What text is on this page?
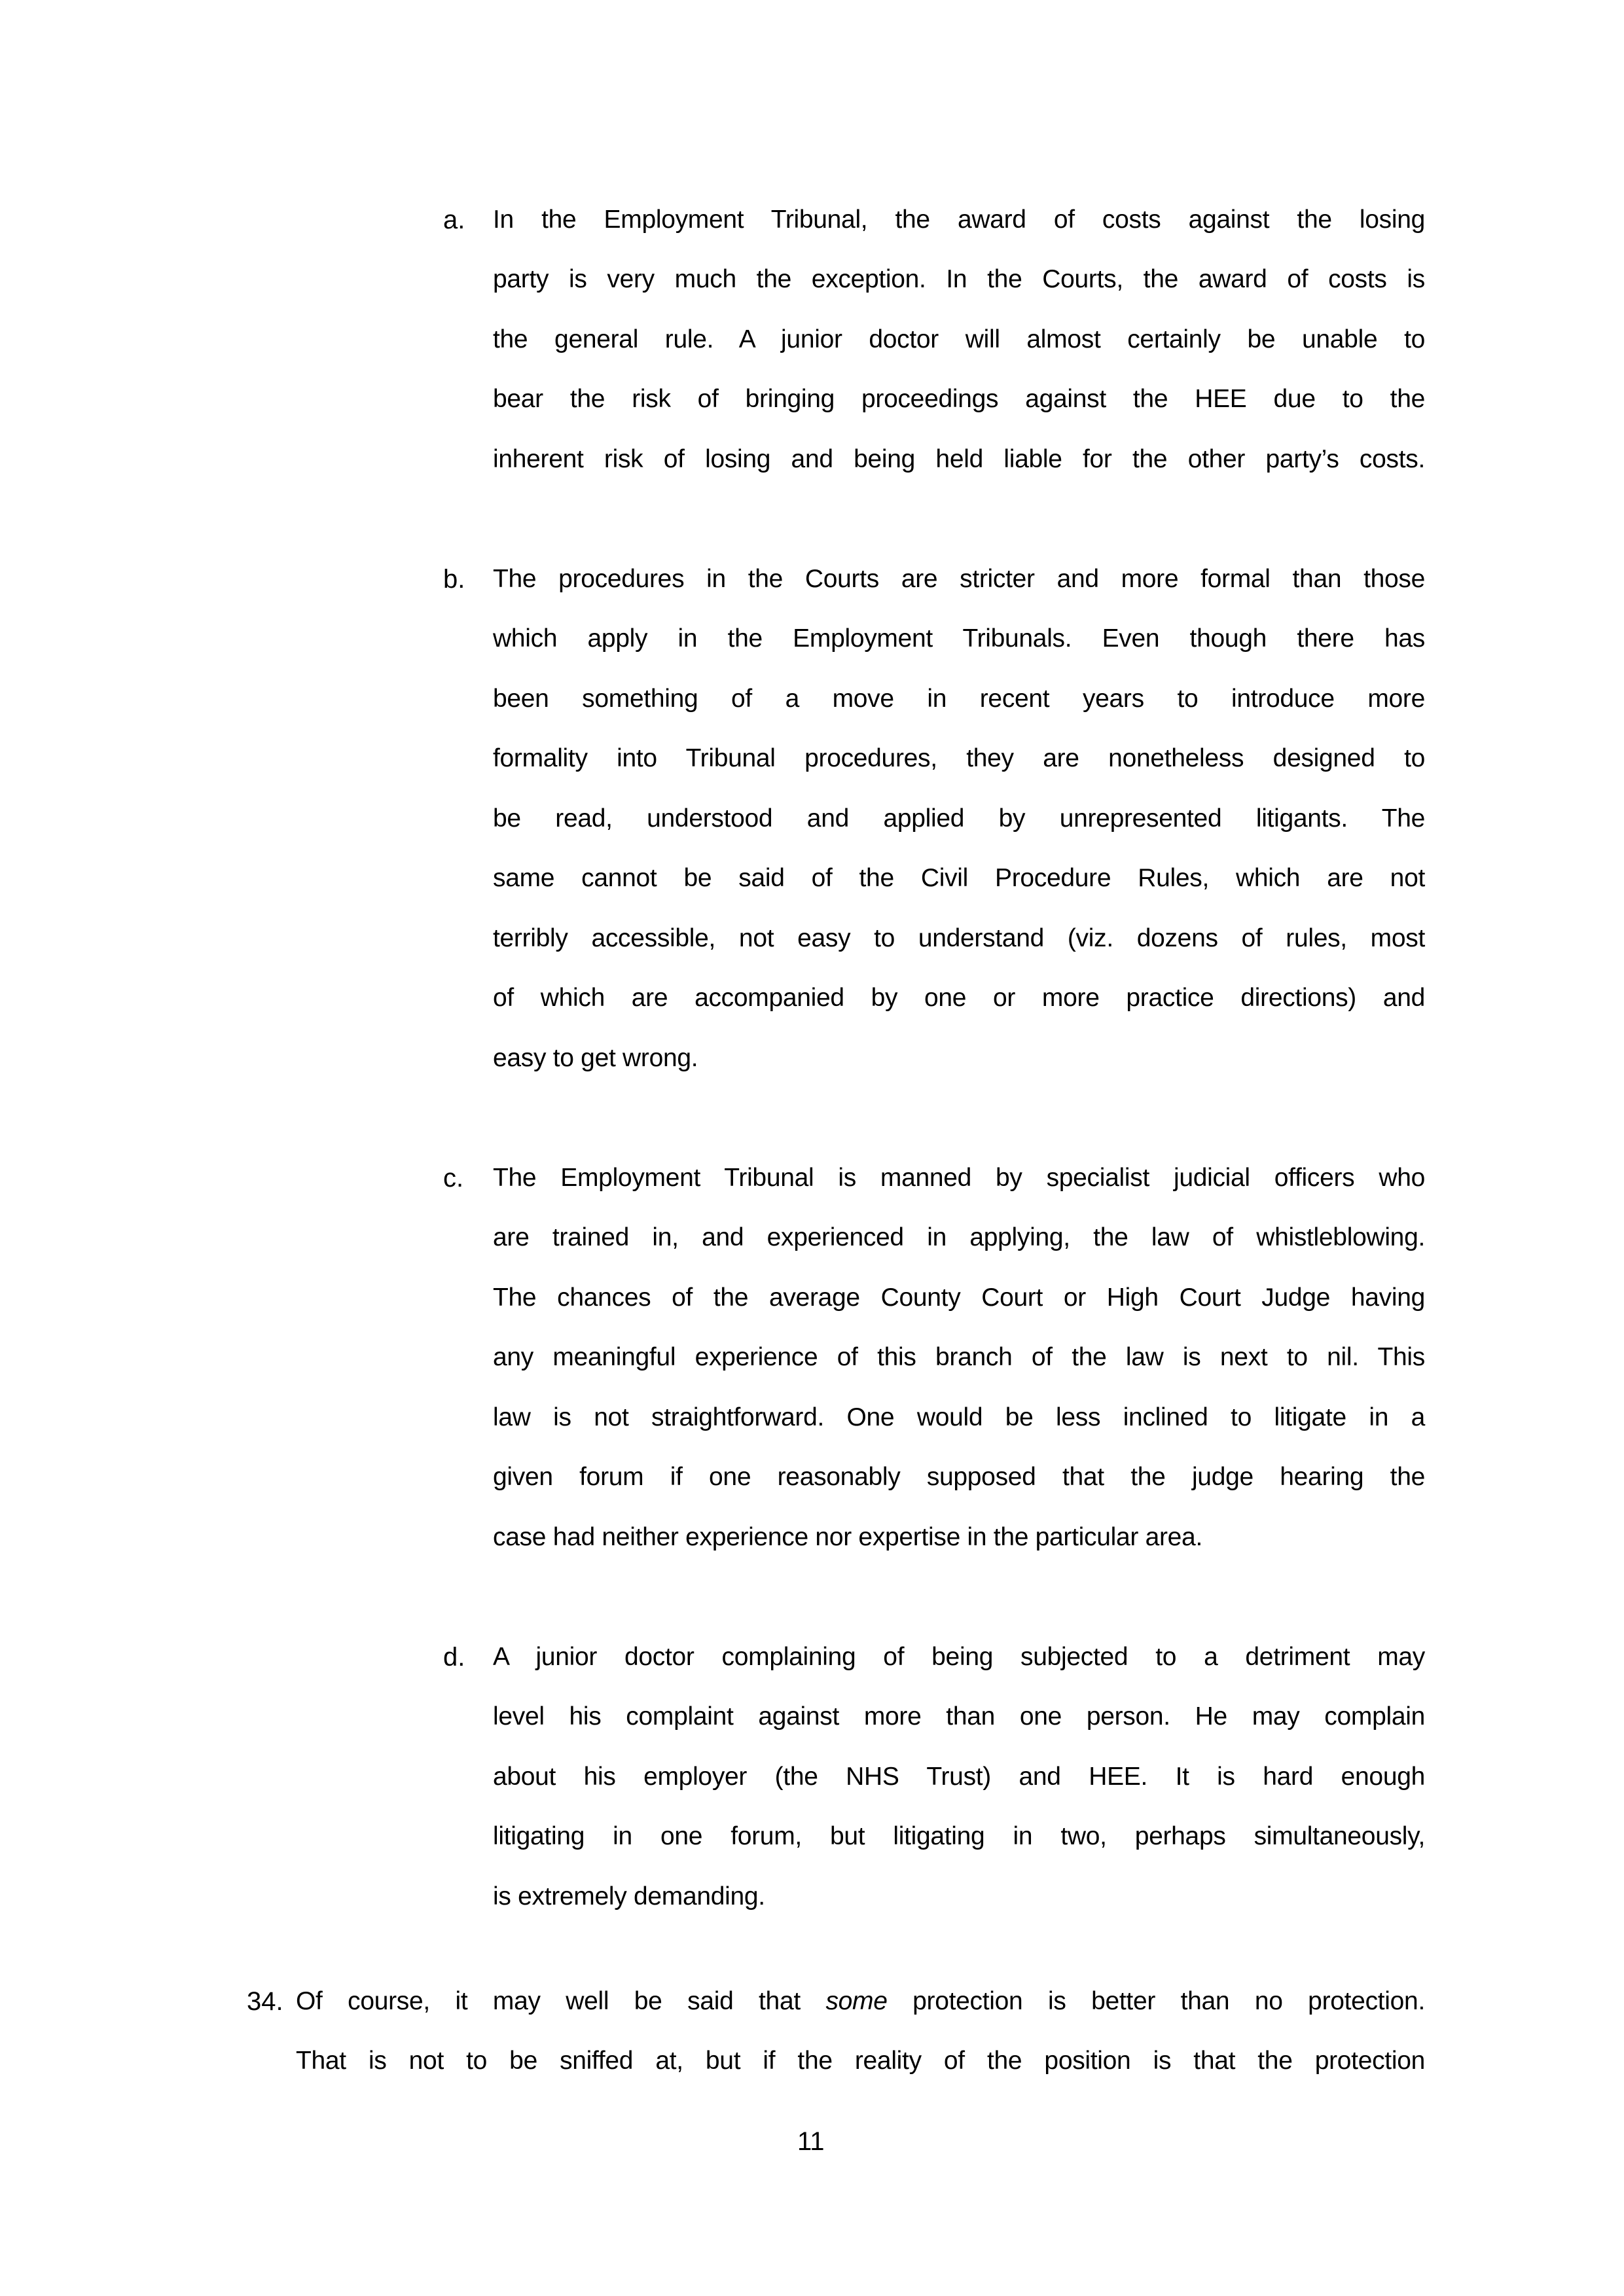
a. In the Employment Tribunal, the award of costs against the losing
party is very much the exception. In the Courts, the award of costs is
the general rule. A junior doctor will almost certainly be unable to
bear the risk of bringing proceedings against the HEE due to the
inherent risk of losing and being held liable for the other party’s costs.
b. The procedures in the Courts are stricter and more formal than those
which apply in the Employment Tribunals. Even though there has
been something of a move in recent years to introduce more
formality into Tribunal procedures, they are nonetheless designed to
be read, understood and applied by unrepresented litigants. The
same cannot be said of the Civil Procedure Rules, which are not
terribly accessible, not easy to understand (viz. dozens of rules, most
of which are accompanied by one or more practice directions) and
easy to get wrong.
c. The Employment Tribunal is manned by specialist judicial officers who
are trained in, and experienced in applying, the law of whistleblowing.
The chances of the average County Court or High Court Judge having
any meaningful experience of this branch of the law is next to nil. This
law is not straightforward. One would be less inclined to litigate in a
given forum if one reasonably supposed that the judge hearing the
case had neither experience nor expertise in the particular area.
d. A junior doctor complaining of being subjected to a detriment may
level his complaint against more than one person. He may complain
about his employer (the NHS Trust) and HEE. It is hard enough
litigating in one forum, but litigating in two, perhaps simultaneously,
is extremely demanding.
34. Of course, it may well be said that some protection is better than no protection.
That is not to be sniffed at, but if the reality of the position is that the protection
11
